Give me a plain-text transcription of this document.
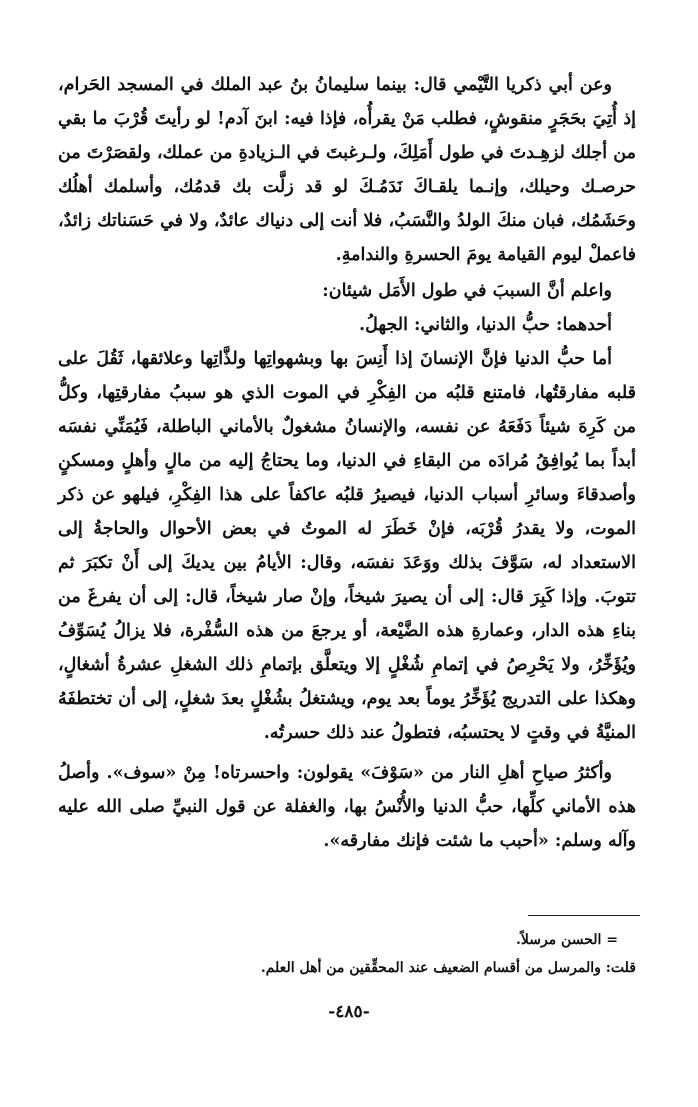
وعن أبي ذكريا التَّيْمي قال: بينما سليمانُ بنُ عبد الملك في المسجد الحَرام، إذ أُتِيَ بحَجَرٍ منقوشٍ، فطلب مَنْ يقرأُه، فإذا فيه: ابنَ آدم! لو رأيتَ قُرْبَ ما بقي من أجلك لزهِـدتَ في طول أَمَلِكَ، ولـرغبتَ في الـزيادةِ من عملك، ولقصَرْتَ من حرصـك وحيلك، وإنـما يلقـاكَ نَدَمُـكَ لو قد زلَّت بك قدمُك، وأسلمك أهلُك وحَشَمُك، فبان منكَ الولدُ والنَّسَبُ، فلا أنت إلى دنياك عائدٌ، ولا في حَسَناتك زائدٌ، فاعملْ ليوم القيامة يومَ الحسرةِ والندامةِ.

واعلم أنَّ السببَ في طول الأَمَل شيئان:

أحدهما: حبُّ الدنيا، والثاني: الجهلُ.

أما حبُّ الدنيا فإنَّ الإنسانَ إذا أَنِسَ بها وبشهواتِها ولذَّاتِها وعلائقها، ثَقُلَ على قلبه مفارقتُها، فامتنع قلبُه من الفِكْرِ في الموت الذي هو سببُ مفارقتِها، وكلُّ من كَرِهَ شيئاً دَفَعَهُ عن نفسه، والإنسانُ مشغولٌ بالأماني الباطلة، فَيُمَنِّي نفسَه أبداً بما يُوافِقُ مُرادَه من البقاءِ في الدنيا، وما يحتاجُ إليه من مالٍ وأهلٍ ومسكنٍ وأصدقاءَ وسائرِ أسباب الدنيا، فيصيرُ قلبُه عاكفاً على هذا الفِكْرِ، فيلهو عن ذكر الموت، ولا يقدرُ قُرْبَه، فإنْ خَطَرَ له الموتُ في بعض الأحوال والحاجةُ إلى الاستعداد له، سَوَّفَ بذلك ووَعَدَ نفسَه، وقال: الأيامُ بين يديكَ إلى أَنْ تكبَرَ ثم تتوبَ. وإذا كَبِرَ قال: إلى أن يصيرَ شيخاً، وإنْ صار شيخاً، قال: إلى أن يفرغَ من بناءِ هذه الدار، وعمارةِ هذه الضَّيْعة، أو يرجعَ من هذه السُّفْرة، فلا يزالُ يُسَوِّفُ ويُؤَخِّرُ، ولا يَحْرِصُ في إتمامِ شُغْلٍ إلا ويتعلَّق بإتمامِ ذلك الشغلِ عشرةُ أشغالٍ، وهكذا على التدريج يُؤَخِّرُ يوماً بعد يوم، ويشتغلُ بشُغْلٍ بعدَ شغلٍ، إلى أن تختطفَهُ المنيَّةُ في وقتٍ لا يحتسبُه، فتطولُ عند ذلك حسرتُه.

وأكثرُ صياحِ أهلِ النار من «سَوْفَ» يقولون: واحسرتاه! مِنْ «سوف». وأصلُ هذه الأماني كلِّها، حبُّ الدنيا والأُنْسُ بها، والغفلة عن قول النبيِّ صلى الله عليه وآله وسلم: «أحبب ما شئت فإنك مفارقه».

= الحسن مرسلاً.

قلت: والمرسل من أقسام الضعيف عند المحقِّقين من أهل العلم.

-٤٨٥-
